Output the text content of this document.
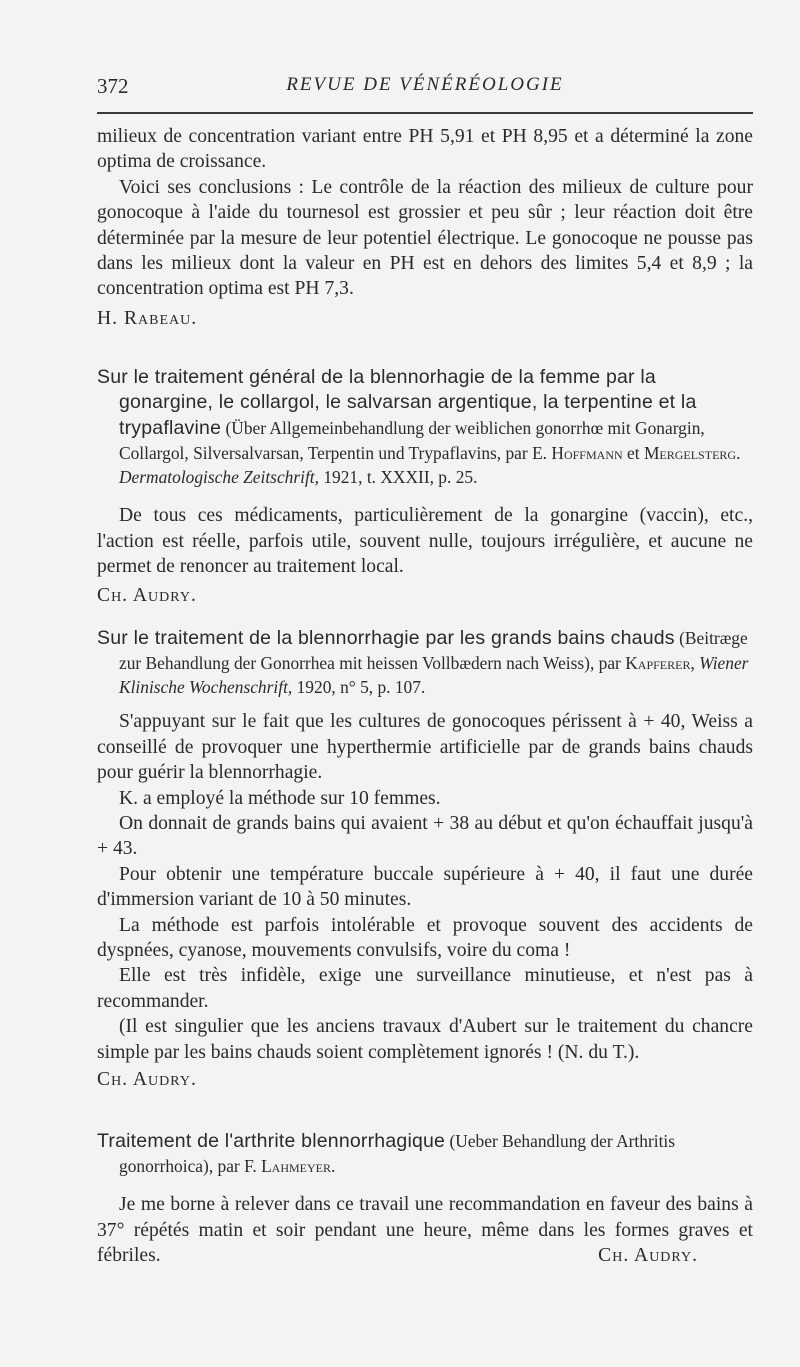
372	REVUE DE VÉNÉRÉOLOGIE

milieux de concentration variant entre PH 5,91 et PH 8,95 et a déterminé la zone optima de croissance.

Voici ses conclusions : Le contrôle de la réaction des milieux de culture pour gonocoque à l'aide du tournesol est grossier et peu sûr ; leur réaction doit être déterminée par la mesure de leur potentiel électrique. Le gonocoque ne pousse pas dans les milieux dont la valeur en PH est en dehors des limites 5,4 et 8,9 ; la concentration optima est PH 7,3.

H. Rabeau.

Sur le traitement général de la blennorhagie de la femme par la gonargine, le collargol, le salvarsan argentique, la terpentine et la trypaflavine (Über Allgemeinbehandlung der weiblichen gonorrhœ mit Gonargin, Collargol, Silversalvarsan, Terpentin und Trypaflavins, par E. Hoffmann et Mergelsterg. Dermatologische Zeitschrift, 1921, t. XXXII, p. 25.

De tous ces médicaments, particulièrement de la gonargine (vaccin), etc., l'action est réelle, parfois utile, souvent nulle, toujours irrégulière, et aucune ne permet de renoncer au traitement local.

Ch. Audry.

Sur le traitement de la blennorrhagie par les grands bains chauds (Beitræge zur Behandlung der Gonorrhea mit heissen Vollbædern nach Weiss), par Kapferer, Wiener Klinische Wochenschrift, 1920, n° 5, p. 107.

S'appuyant sur le fait que les cultures de gonocoques périssent à + 40, Weiss a conseillé de provoquer une hyperthermie artificielle par de grands bains chauds pour guérir la blennorrhagie.

K. a employé la méthode sur 10 femmes.

On donnait de grands bains qui avaient + 38 au début et qu'on échauffait jusqu'à + 43.

Pour obtenir une température buccale supérieure à + 40, il faut une durée d'immersion variant de 10 à 50 minutes.

La méthode est parfois intolérable et provoque souvent des accidents de dyspnées, cyanose, mouvements convulsifs, voire du coma !

Elle est très infidèle, exige une surveillance minutieuse, et n'est pas à recommander.

(Il est singulier que les anciens travaux d'Aubert sur le traitement du chancre simple par les bains chauds soient complètement ignorés ! (N. du T.).

Ch. Audry.

Traitement de l'arthrite blennorrhagique (Ueber Behandlung der Arthritis gonorrhoica), par F. Lahmeyer.

Je me borne à relever dans ce travail une recommandation en faveur des bains à 37° répétés matin et soir pendant une heure, même dans les formes graves et fébriles.	Ch. Audry.
